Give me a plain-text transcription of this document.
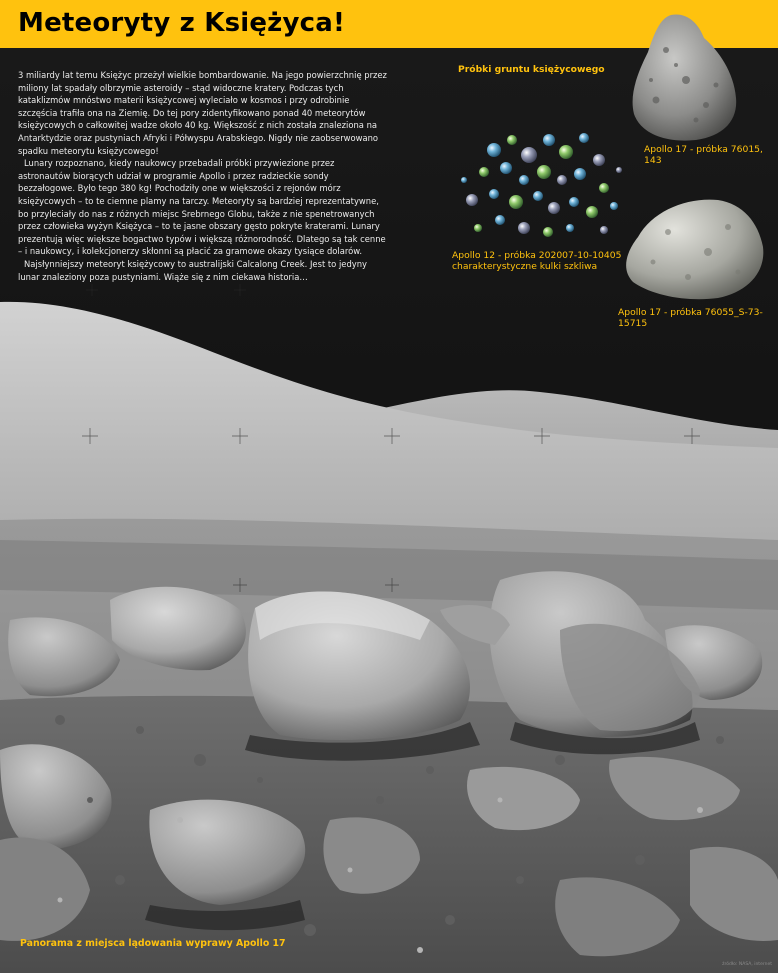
Meteoryty z Księżyca!

3 miliardy lat temu Księżyc przeżył wielkie bombardowanie. Na jego powierzchnię przez miliony lat spadały olbrzymie asteroidy – stąd widoczne kratery. Podczas tych kataklizmów mnóstwo materii księżycowej wyleciało w kosmos i przy odrobinie szczęścia trafiła ona na Ziemię. Do tej pory zidentyfikowano ponad 40 meteorytów księżycowych o całkowitej wadze około 40 kg. Większość z nich została znaleziona na Antarktydzie oraz pustyniach Afryki i Półwyspu Arabskiego. Nigdy nie zaobserwowano spadku meteorytu księżycowego!

Lunary rozpoznano, kiedy naukowcy przebadali próbki przywiezione przez astronautów biorących udział w programie Apollo i przez radzieckie sondy bezzałogowe. Było tego 380 kg! Pochodziły one w większości z rejonów mórz księżycowych – to te ciemne plamy na tarczy. Meteoryty są bardziej reprezentatywne, bo przyleciały do nas z różnych miejsc Srebrnego Globu, także z nie spenetrowanych przez człowieka wyżyn Księżyca – to te jasne obszary gęsto pokryte kraterami. Lunary prezentują więc większe bogactwo typów i większą różnorodność. Dlatego są tak cenne – i naukowcy, i kolekcjonerzy skłonni są płacić za gramowe okazy tysiące dolarów.

Najsłynniejszy meteoryt księżycowy to australijski Calcalong Creek. Jest to jedyny lunar znaleziony poza pustyniami. Wiąże się z nim ciekawa historia…

Próbki gruntu księżycowego
Apollo 17 - próbka 76015, 143
Apollo 12 - próbka 202007-10-10405
charakterystyczne kulki szkliwa
Apollo 17 - próbka 76055_S-73-15715
Panorama z miejsca lądowania wyprawy Apollo 17
źródło: NASA, internet
